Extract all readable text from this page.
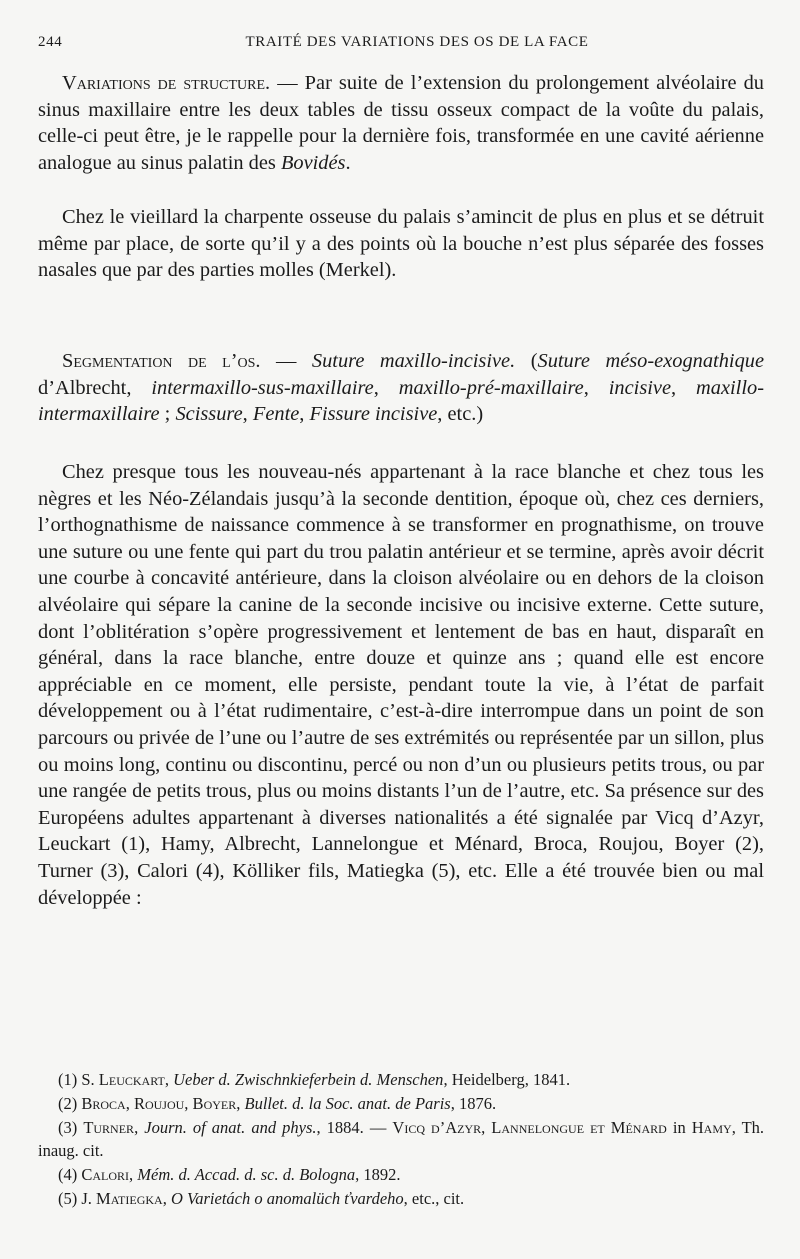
244	TRAITÉ DES VARIATIONS DES OS DE LA FACE

Variations de structure. — Par suite de l’extension du prolongement alvéolaire du sinus maxillaire entre les deux tables de tissu osseux compact de la voûte du palais, celle-ci peut être, je le rappelle pour la dernière fois, transformée en une cavité aérienne analogue au sinus palatin des Bovidés.

Chez le vieillard la charpente osseuse du palais s’amincit de plus en plus et se détruit même par place, de sorte qu’il y a des points où la bouche n’est plus séparée des fosses nasales que par des parties molles (Merkel).

Segmentation de l’os. — Suture maxillo-incisive. (Suture méso-exognathique d’Albrecht, intermaxillo-sus-maxillaire, maxillo-pré-maxillaire, incisive, maxillo-intermaxillaire ; Scissure, Fente, Fissure incisive, etc.)

Chez presque tous les nouveau-nés appartenant à la race blanche et chez tous les nègres et les Néo-Zélandais jusqu’à la seconde dentition, époque où, chez ces derniers, l’orthognathisme de naissance commence à se transformer en prognathisme, on trouve une suture ou une fente qui part du trou palatin antérieur et se termine, après avoir décrit une courbe à concavité antérieure, dans la cloison alvéolaire ou en dehors de la cloison alvéolaire qui sépare la canine de la seconde incisive ou incisive externe. Cette suture, dont l’oblitération s’opère progressivement et lentement de bas en haut, disparaît en général, dans la race blanche, entre douze et quinze ans ; quand elle est encore appréciable en ce moment, elle persiste, pendant toute la vie, à l’état de parfait développement ou à l’état rudimentaire, c’est-à-dire interrompue dans un point de son parcours ou privée de l’une ou l’autre de ses extrémités ou représentée par un sillon, plus ou moins long, continu ou discontinu, percé ou non d’un ou plusieurs petits trous, ou par une rangée de petits trous, plus ou moins distants l’un de l’autre, etc. Sa présence sur des Européens adultes appartenant à diverses nationalités a été signalée par Vicq d’Azyr, Leuckart (1), Hamy, Albrecht, Lannelongue et Ménard, Broca, Roujou, Boyer (2), Turner (3), Calori (4), Kölliker fils, Matiegka (5), etc. Elle a été trouvée bien ou mal développée :

(1) S. Leuckart, Ueber d. Zwischnkieferbein d. Menschen, Heidelberg, 1841.
(2) Broca, Roujou, Boyer, Bullet. d. la Soc. anat. de Paris, 1876.
(3) Turner, Journ. of anat. and phys., 1884. — Vicq d’Azyr, Lannelongue et Ménard in Hamy, Th. inaug. cit.
(4) Calori, Mém. d. Accad. d. sc. d. Bologna, 1892.
(5) J. Matiegka, O Varietách o anomalüch ťvardeho, etc., cit.
